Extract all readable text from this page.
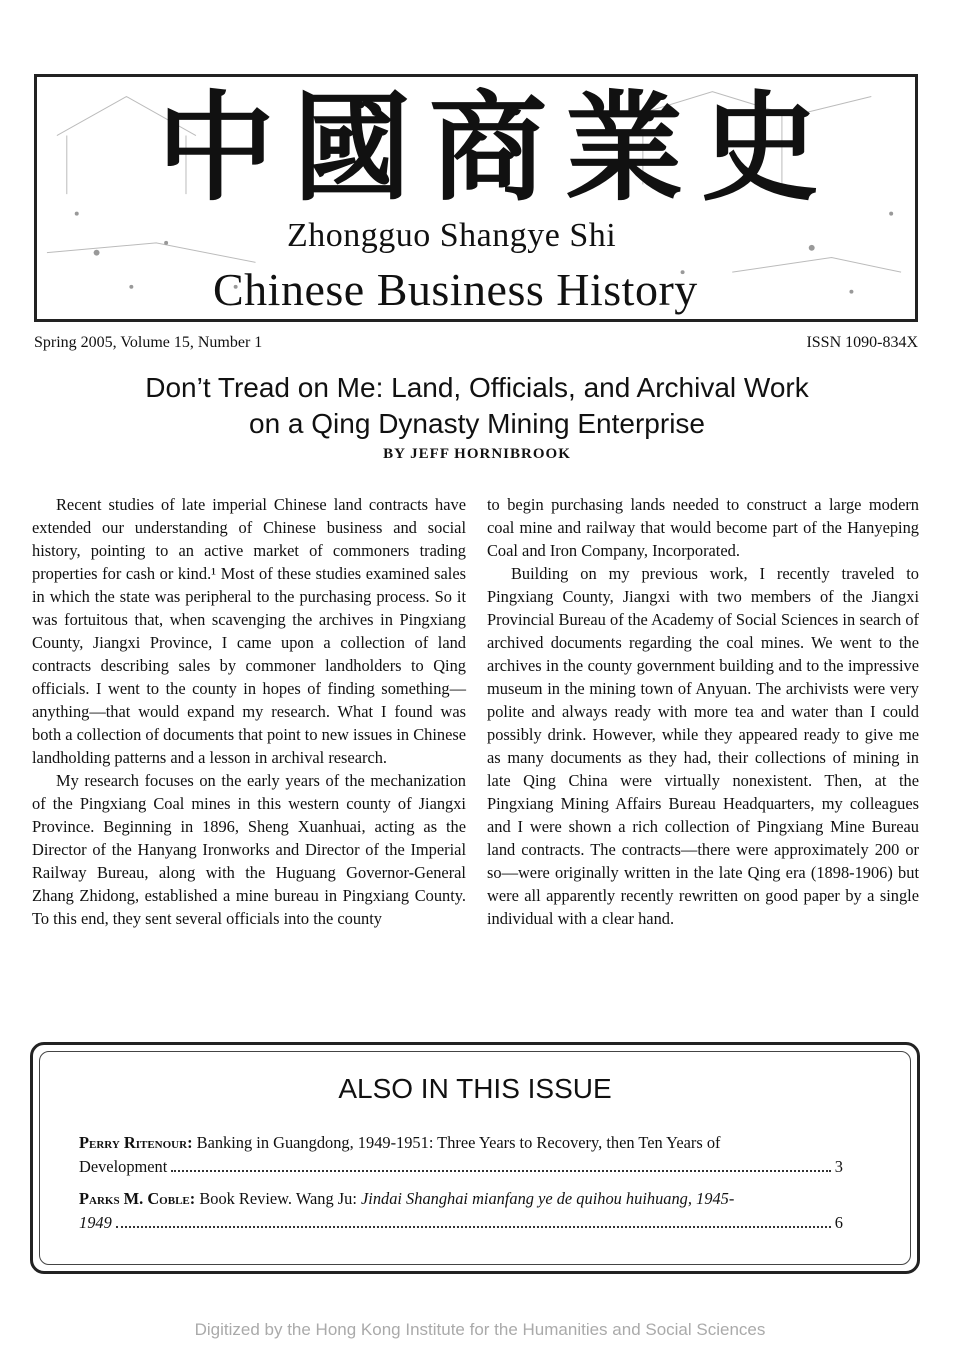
中國商業史
Zhongguo Shangye Shi
Chinese Business History
Spring 2005, Volume 15, Number 1	ISSN 1090-834X
Don’t Tread on Me: Land, Officials, and Archival Work
on a Qing Dynasty Mining Enterprise
BY JEFF HORNIBROOK

Recent studies of late imperial Chinese land contracts have extended our understanding of Chinese business and social history, pointing to an active market of commoners trading properties for cash or kind.¹ Most of these studies examined sales in which the state was peripheral to the purchasing process. So it was fortuitous that, when scavenging the archives in Pingxiang County, Jiangxi Province, I came upon a collection of land contracts describing sales by commoner landholders to Qing officials. I went to the county in hopes of finding something—anything—that would expand my research. What I found was both a collection of documents that point to new issues in Chinese landholding patterns and a lesson in archival research.

My research focuses on the early years of the mechanization of the Pingxiang Coal mines in this western county of Jiangxi Province. Beginning in 1896, Sheng Xuanhuai, acting as the Director of the Hanyang Ironworks and Director of the Imperial Railway Bureau, along with the Huguang Governor-General Zhang Zhidong, established a mine bureau in Pingxiang County. To this end, they sent several officials into the county

to begin purchasing lands needed to construct a large modern coal mine and railway that would become part of the Hanyeping Coal and Iron Company, Incorporated.

Building on my previous work, I recently traveled to Pingxiang County, Jiangxi with two members of the Jiangxi Provincial Bureau of the Academy of Social Sciences in search of archived documents regarding the coal mines. We went to the archives in the county government building and to the impressive museum in the mining town of Anyuan. The archivists were very polite and always ready with more tea and water than I could possibly drink. However, while they appeared ready to give me as many documents as they had, their collections of mining in late Qing China were virtually nonexistent. Then, at the Pingxiang Mining Affairs Bureau Headquarters, my colleagues and I were shown a rich collection of Pingxiang Mine Bureau land contracts. The contracts—there were approximately 200 or so—were originally written in the late Qing era (1898-1906) but were all apparently recently rewritten on good paper by a single individual with a clear hand.

ALSO IN THIS ISSUE
Perry Ritenour: Banking in Guangdong, 1949-1951: Three Years to Recovery, then Ten Years of
Development	3
Parks M. Coble: Book Review. Wang Ju: Jindai Shanghai mianfang ye de quihou huihuang, 1945-
1949	6
Digitized by the Hong Kong Institute for the Humanities and Social Sciences
